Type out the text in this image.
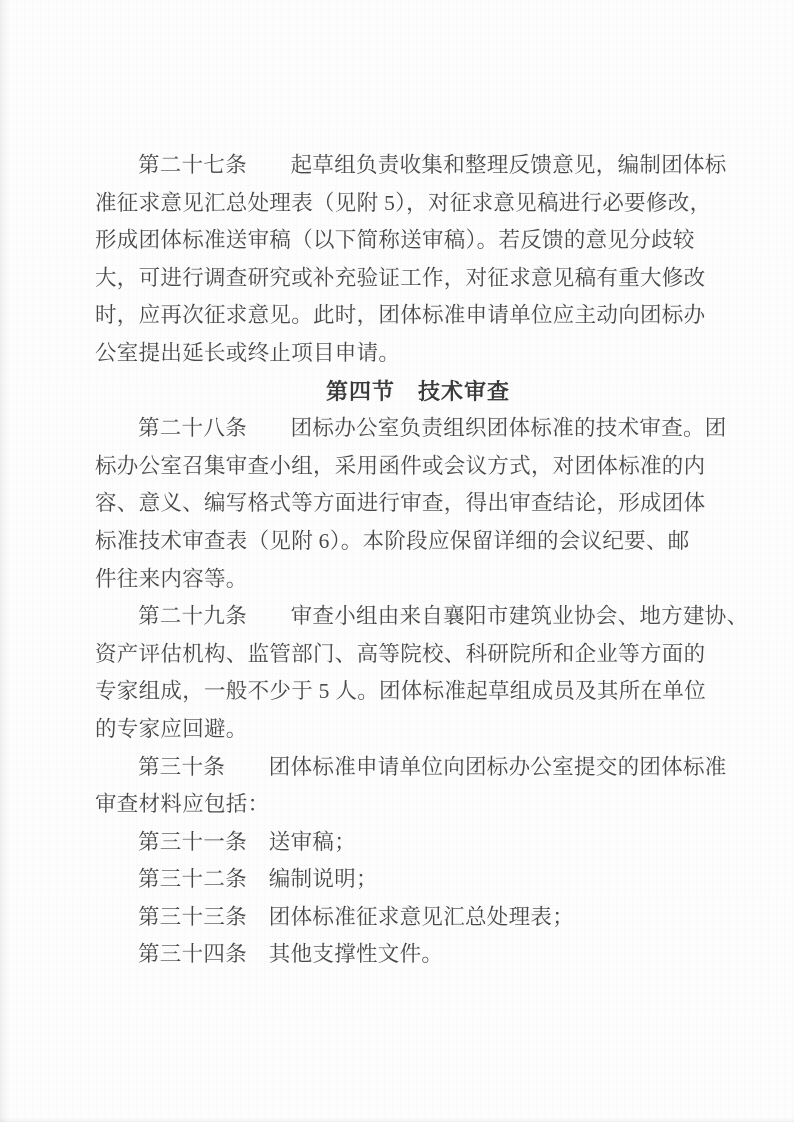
第二十七条　　起草组负责收集和整理反馈意见，编制团体标
准征求意见汇总处理表（见附 5），对征求意见稿进行必要修改，
形成团体标准送审稿（以下简称送审稿）。若反馈的意见分歧较
大，可进行调查研究或补充验证工作，对征求意见稿有重大修改
时，应再次征求意见。此时，团体标准申请单位应主动向团标办
公室提出延长或终止项目申请。
第四节　技术审查
第二十八条　　团标办公室负责组织团体标准的技术审查。团
标办公室召集审查小组，采用函件或会议方式，对团体标准的内
容、意义、编写格式等方面进行审查，得出审查结论，形成团体
标准技术审查表（见附 6）。本阶段应保留详细的会议纪要、邮
件往来内容等。
第二十九条　　审查小组由来自襄阳市建筑业协会、地方建协、
资产评估机构、监管部门、高等院校、科研院所和企业等方面的
专家组成，一般不少于 5 人。团体标准起草组成员及其所在单位
的专家应回避。
第三十条　　团体标准申请单位向团标办公室提交的团体标准
审查材料应包括：
第三十一条　送审稿；
第三十二条　编制说明；
第三十三条　团体标准征求意见汇总处理表；
第三十四条　其他支撑性文件。
